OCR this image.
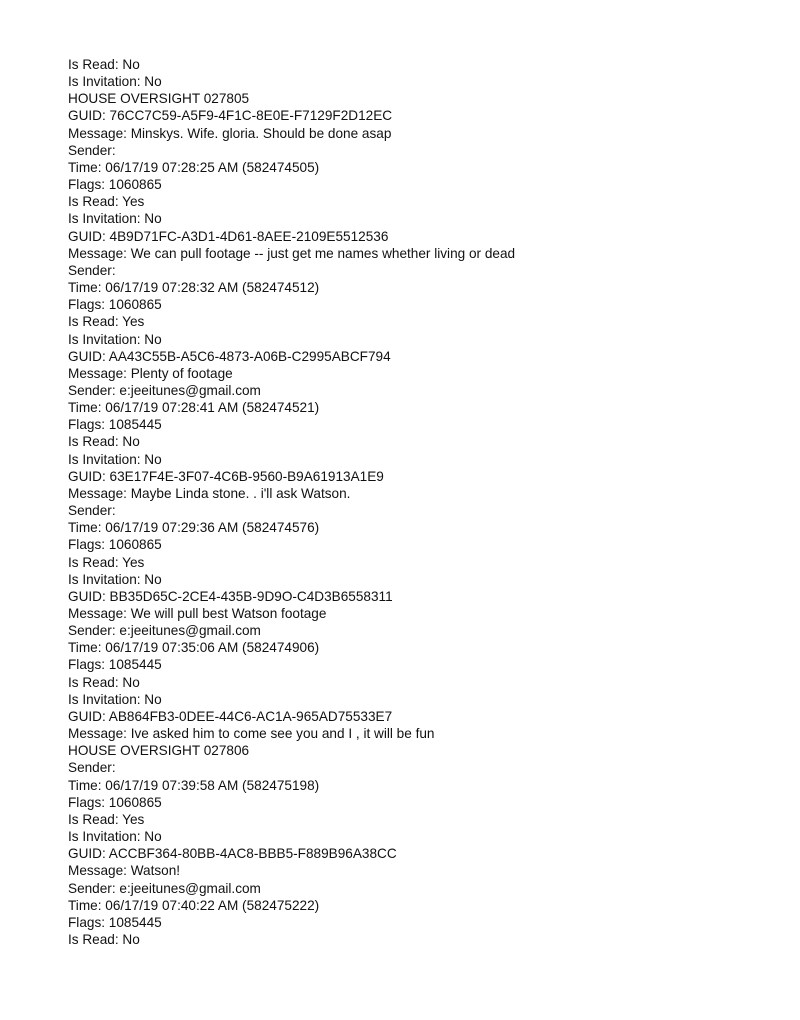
Is Read: No

Is Invitation: No

HOUSE OVERSIGHT 027805

GUID: 76CC7C59-A5F9-4F1C-8E0E-F7129F2D12EC

Message: Minskys. Wife. gloria. Should be done asap

Sender:

Time: 06/17/19 07:28:25 AM (582474505)

Flags: 1060865

Is Read: Yes

Is Invitation: No

GUID: 4B9D71FC-A3D1-4D61-8AEE-2109E5512536

Message: We can pull footage -- just get me names whether living or dead

Sender:

Time: 06/17/19 07:28:32 AM (582474512)

Flags: 1060865

Is Read: Yes

Is Invitation: No

GUID: AA43C55B-A5C6-4873-A06B-C2995ABCF794

Message: Plenty of footage

Sender: e:jeeitunes@gmail.com

Time: 06/17/19 07:28:41 AM (582474521)

Flags: 1085445

Is Read: No

Is Invitation: No

GUID: 63E17F4E-3F07-4C6B-9560-B9A61913A1E9

Message: Maybe Linda stone. . i'll ask Watson.

Sender:

Time: 06/17/19 07:29:36 AM (582474576)

Flags: 1060865

Is Read: Yes

Is Invitation: No

GUID: BB35D65C-2CE4-435B-9D9O-C4D3B6558311

Message: We will pull best Watson footage

Sender: e:jeeitunes@gmail.com

Time: 06/17/19 07:35:06 AM (582474906)

Flags: 1085445

Is Read: No

Is Invitation: No

GUID: AB864FB3-0DEE-44C6-AC1A-965AD75533E7

Message: Ive asked him to come see you and I , it will be fun

HOUSE OVERSIGHT 027806

Sender:

Time: 06/17/19 07:39:58 AM (582475198)

Flags: 1060865

Is Read: Yes

Is Invitation: No

GUID: ACCBF364-80BB-4AC8-BBB5-F889B96A38CC

Message: Watson!

Sender: e:jeeitunes@gmail.com

Time: 06/17/19 07:40:22 AM (582475222)

Flags: 1085445

Is Read: No
